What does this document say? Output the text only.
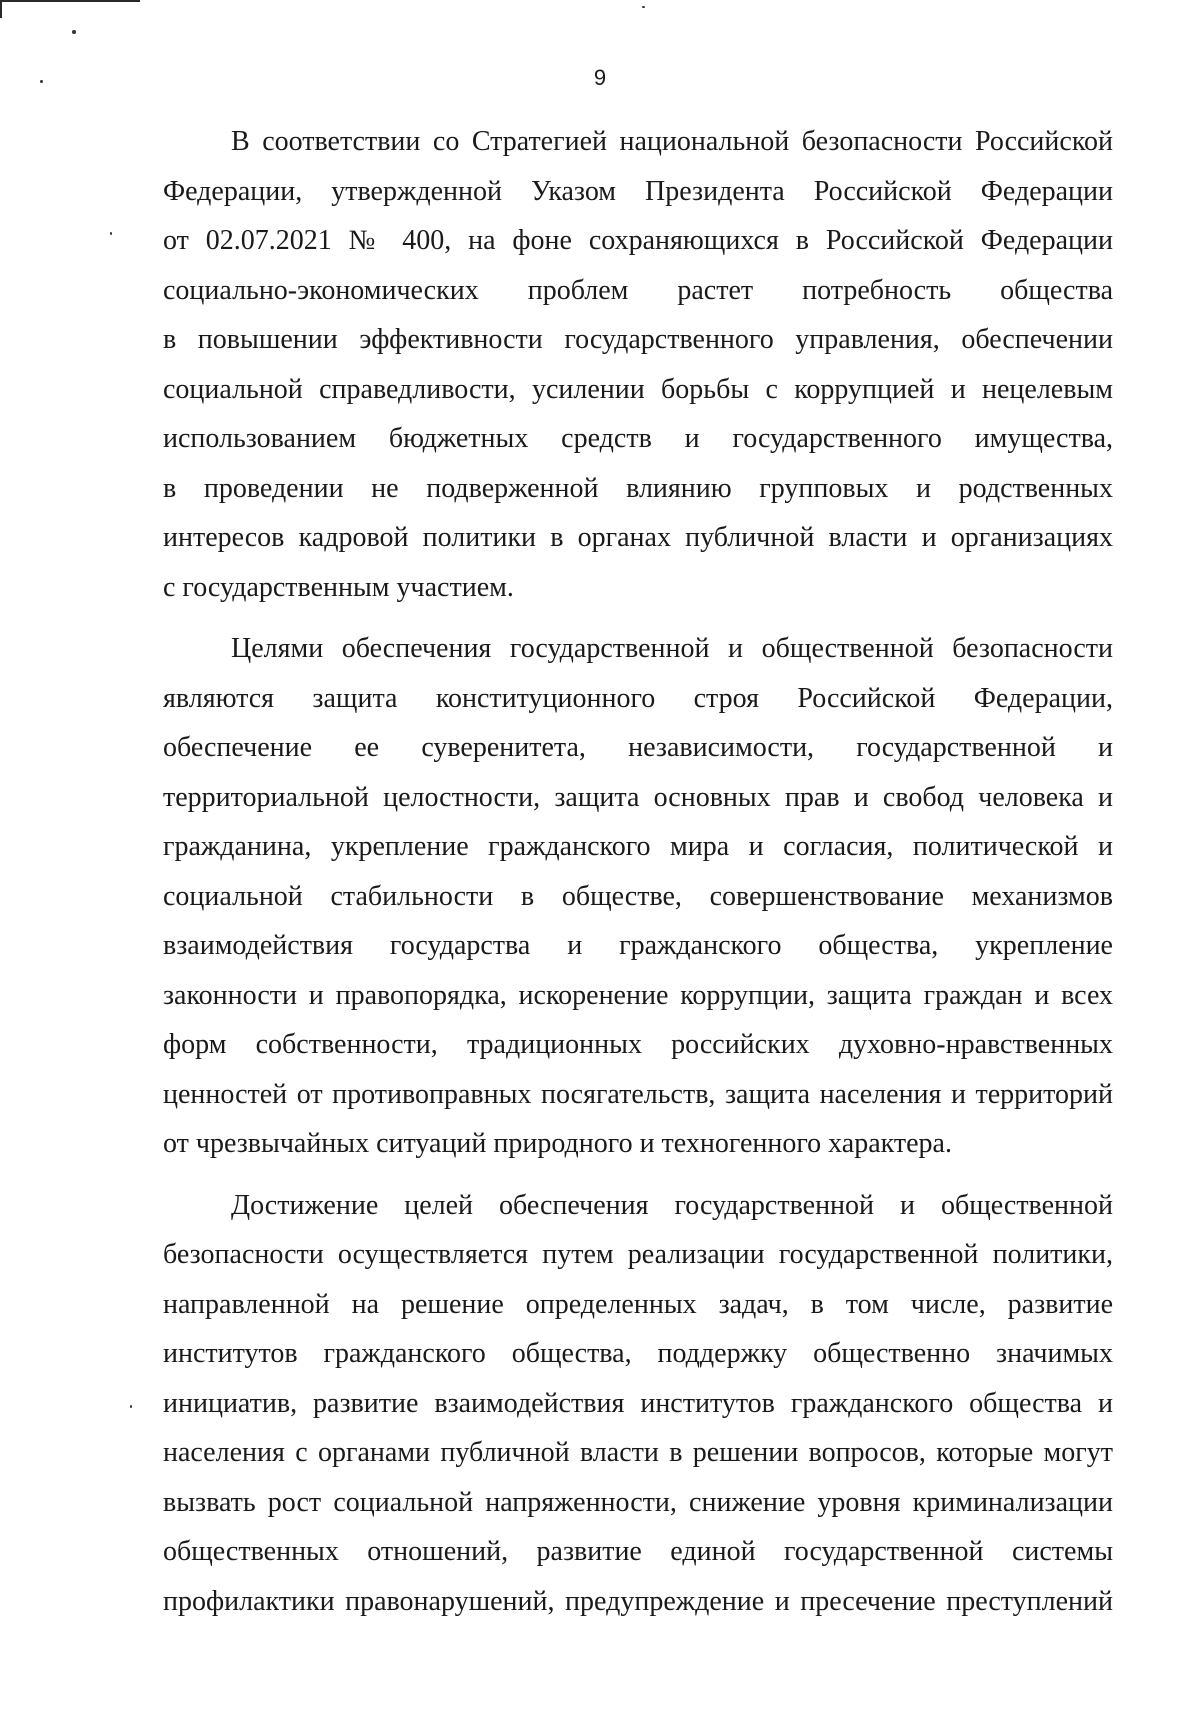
9
В соответствии со Стратегией национальной безопасности Российской
Федерации, утвержденной Указом Президента Российской Федерации
от 02.07.2021 № 400, на фоне сохраняющихся в Российской Федерации
социально-экономических проблем растет потребность общества
в повышении эффективности государственного управления, обеспечении
социальной справедливости, усилении борьбы с коррупцией и нецелевым
использованием бюджетных средств и государственного имущества,
в проведении не подверженной влиянию групповых и родственных
интересов кадровой политики в органах публичной власти и организациях
с государственным участием.
Целями обеспечения государственной и общественной безопасности
являются защита конституционного строя Российской Федерации,
обеспечение ее суверенитета, независимости, государственной и
территориальной целостности, защита основных прав и свобод человека и
гражданина, укрепление гражданского мира и согласия, политической и
социальной стабильности в обществе, совершенствование механизмов
взаимодействия государства и гражданского общества, укрепление
законности и правопорядка, искоренение коррупции, защита граждан и всех
форм собственности, традиционных российских духовно-нравственных
ценностей от противоправных посягательств, защита населения и территорий
от чрезвычайных ситуаций природного и техногенного характера.
Достижение целей обеспечения государственной и общественной
безопасности осуществляется путем реализации государственной политики,
направленной на решение определенных задач, в том числе, развитие
институтов гражданского общества, поддержку общественно значимых
инициатив, развитие взаимодействия институтов гражданского общества и
населения с органами публичной власти в решении вопросов, которые могут
вызвать рост социальной напряженности, снижение уровня криминализации
общественных отношений, развитие единой государственной системы
профилактики правонарушений, предупреждение и пресечение преступлений
